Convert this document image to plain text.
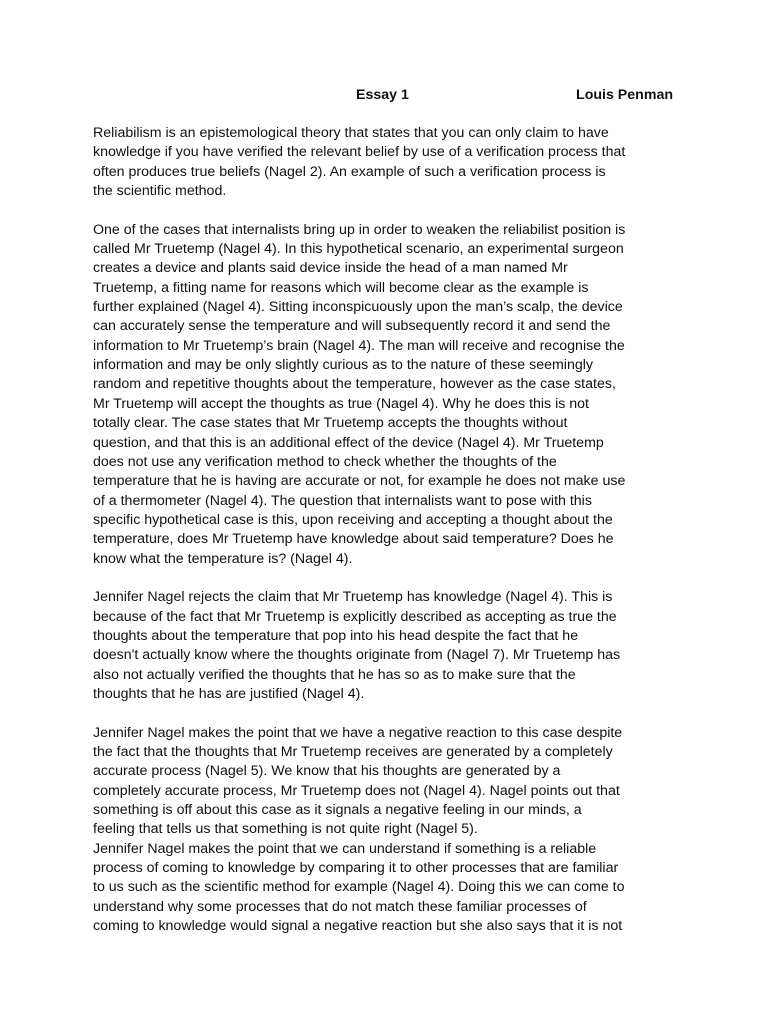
Essay 1	Louis Penman

Reliabilism is an epistemological theory that states that you can only claim to have
knowledge if you have verified the relevant belief by use of a verification process that
often produces true beliefs (Nagel 2). An example of such a verification process is
the scientific method.

One of the cases that internalists bring up in order to weaken the reliabilist position is
called Mr Truetemp (Nagel 4). In this hypothetical scenario, an experimental surgeon
creates a device and plants said device inside the head of a man named Mr
Truetemp, a fitting name for reasons which will become clear as the example is
further explained (Nagel 4). Sitting inconspicuously upon the man’s scalp, the device
can accurately sense the temperature and will subsequently record it and send the
information to Mr Truetemp’s brain (Nagel 4). The man will receive and recognise the
information and may be only slightly curious as to the nature of these seemingly
random and repetitive thoughts about the temperature, however as the case states,
Mr Truetemp will accept the thoughts as true (Nagel 4). Why he does this is not
totally clear. The case states that Mr Truetemp accepts the thoughts without
question, and that this is an additional effect of the device (Nagel 4). Mr Truetemp
does not use any verification method to check whether the thoughts of the
temperature that he is having are accurate or not, for example he does not make use
of a thermometer (Nagel 4). The question that internalists want to pose with this
specific hypothetical case is this, upon receiving and accepting a thought about the
temperature, does Mr Truetemp have knowledge about said temperature? Does he
know what the temperature is? (Nagel 4).

Jennifer Nagel rejects the claim that Mr Truetemp has knowledge (Nagel 4). This is
because of the fact that Mr Truetemp is explicitly described as accepting as true the
thoughts about the temperature that pop into his head despite the fact that he
doesn't actually know where the thoughts originate from (Nagel 7). Mr Truetemp has
also not actually verified the thoughts that he has so as to make sure that the
thoughts that he has are justified (Nagel 4).

Jennifer Nagel makes the point that we have a negative reaction to this case despite
the fact that the thoughts that Mr Truetemp receives are generated by a completely
accurate process (Nagel 5). We know that his thoughts are generated by a
completely accurate process, Mr Truetemp does not (Nagel 4). Nagel points out that
something is off about this case as it signals a negative feeling in our minds, a
feeling that tells us that something is not quite right (Nagel 5).

Jennifer Nagel makes the point that we can understand if something is a reliable
process of coming to knowledge by comparing it to other processes that are familiar
to us such as the scientific method for example (Nagel 4). Doing this we can come to
understand why some processes that do not match these familiar processes of
coming to knowledge would signal a negative reaction but she also says that it is not
